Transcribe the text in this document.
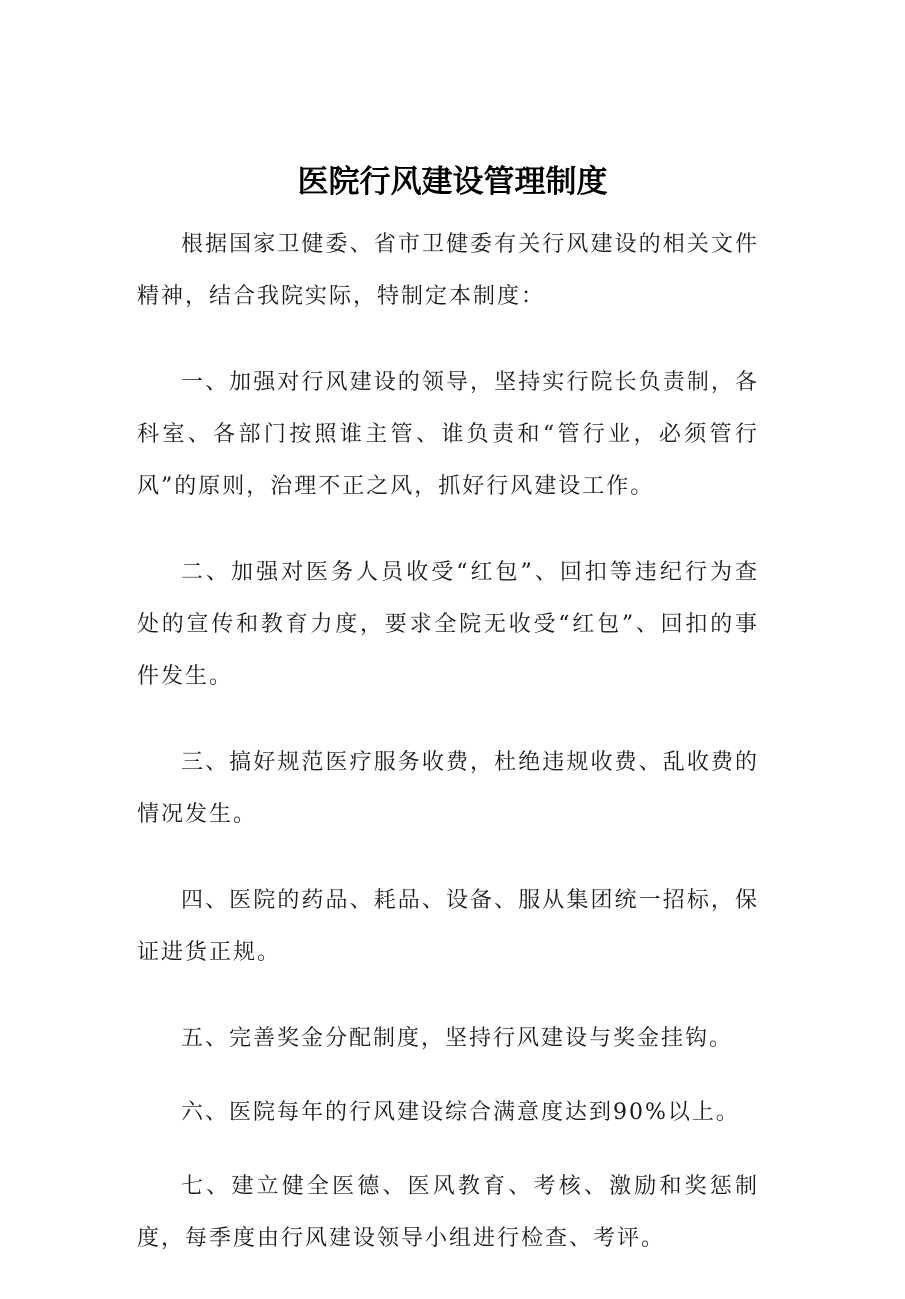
医院行风建设管理制度

根据国家卫健委、省市卫健委有关行风建设的相关文件精神，结合我院实际，特制定本制度：

一、加强对行风建设的领导，坚持实行院长负责制，各科室、各部门按照谁主管、谁负责和“管行业，必须管行风”的原则，治理不正之风，抓好行风建设工作。

二、加强对医务人员收受“红包”、回扣等违纪行为查处的宣传和教育力度，要求全院无收受“红包”、回扣的事件发生。

三、搞好规范医疗服务收费，杜绝违规收费、乱收费的情况发生。

四、医院的药品、耗品、设备、服从集团统一招标，保证进货正规。

五、完善奖金分配制度，坚持行风建设与奖金挂钩。

六、医院每年的行风建设综合满意度达到90%以上。

七、建立健全医德、医风教育、考核、激励和奖惩制度，每季度由行风建设领导小组进行检查、考评。
